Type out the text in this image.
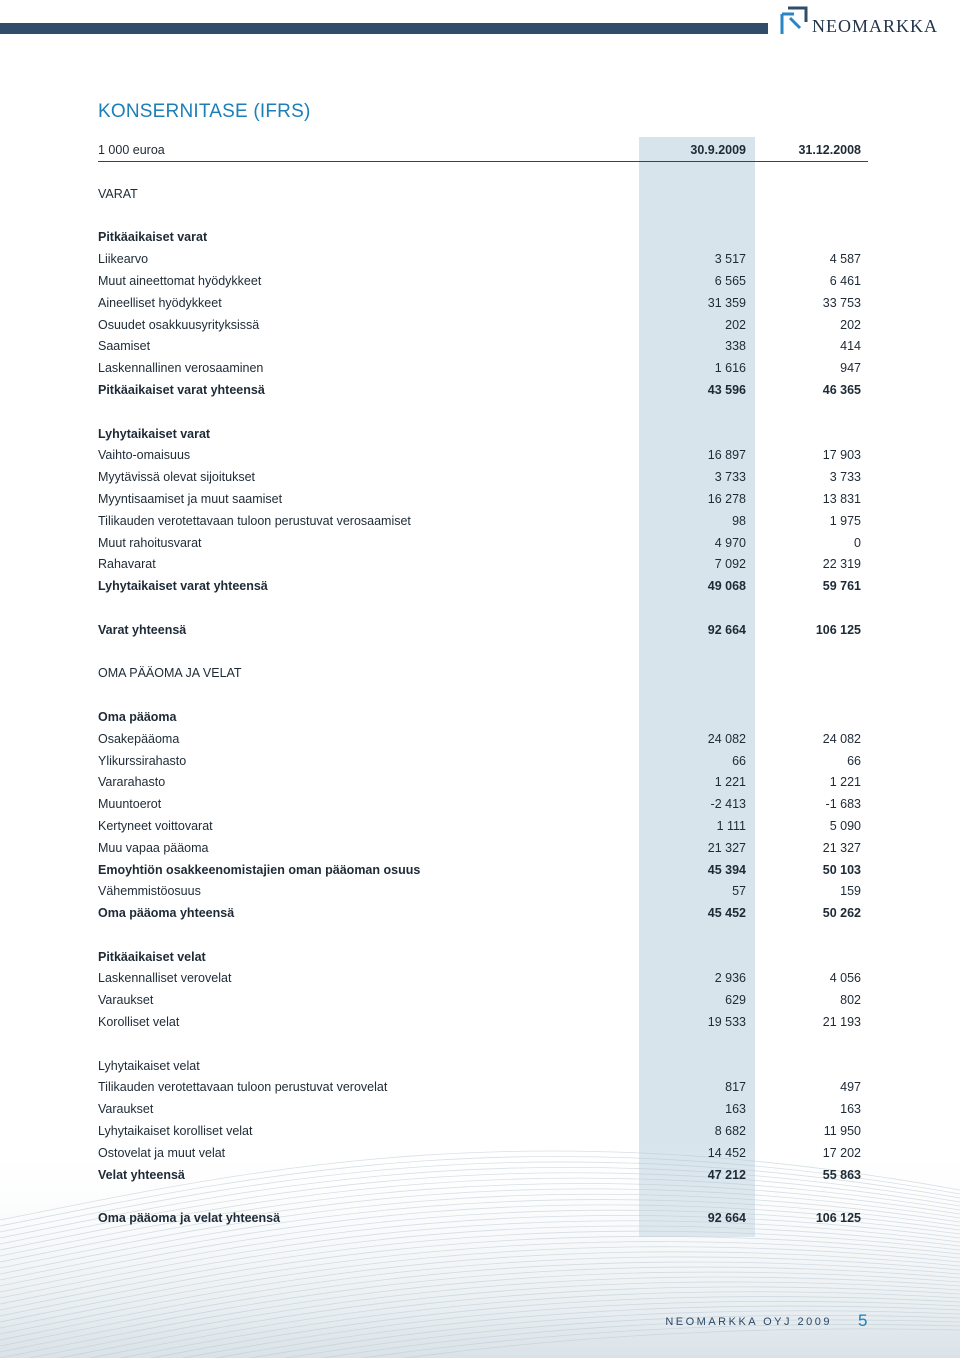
NEOMARKKA
KONSERNITASE (IFRS)
1 000 euroa	30.9.2009	31.12.2008
VARAT
Pitkäaikaiset varat
Liikearvo	3 517	4 587
Muut aineettomat hyödykkeet	6 565	6 461
Aineelliset hyödykkeet	31 359	33 753
Osuudet osakkuusyrityksissä	202	202
Saamiset	338	414
Laskennallinen verosaaminen	1 616	947
Pitkäaikaiset varat yhteensä	43 596	46 365
Lyhytaikaiset varat
Vaihto-omaisuus	16 897	17 903
Myytävissä olevat sijoitukset	3 733	3 733
Myyntisaamiset ja muut saamiset	16 278	13 831
Tilikauden verotettavaan tuloon perustuvat verosaamiset	98	1 975
Muut rahoitusvarat	4 970	0
Rahavarat	7 092	22 319
Lyhytaikaiset varat yhteensä	49 068	59 761
Varat yhteensä	92 664	106 125
OMA PÄÄOMA JA VELAT
Oma pääoma
Osakepääoma	24 082	24 082
Ylikurssirahasto	66	66
Vararahasto	1 221	1 221
Muuntoerot	-2 413	-1 683
Kertyneet voittovarat	1 111	5 090
Muu vapaa pääoma	21 327	21 327
Emoyhtiön osakkeenomistajien oman pääoman osuus	45 394	50 103
Vähemmistöosuus	57	159
Oma pääoma yhteensä	45 452	50 262
Pitkäaikaiset velat
Laskennalliset verovelat	2 936	4 056
Varaukset	629	802
Korolliset velat	19 533	21 193
Lyhytaikaiset velat
Tilikauden verotettavaan tuloon perustuvat verovelat	817	497
Varaukset	163	163
Lyhytaikaiset korolliset velat	8 682	11 950
Ostovelat ja muut velat	14 452	17 202
Velat yhteensä	47 212	55 863
Oma pääoma ja velat yhteensä	92 664	106 125
NEOMARKKA OYJ 2009 5
